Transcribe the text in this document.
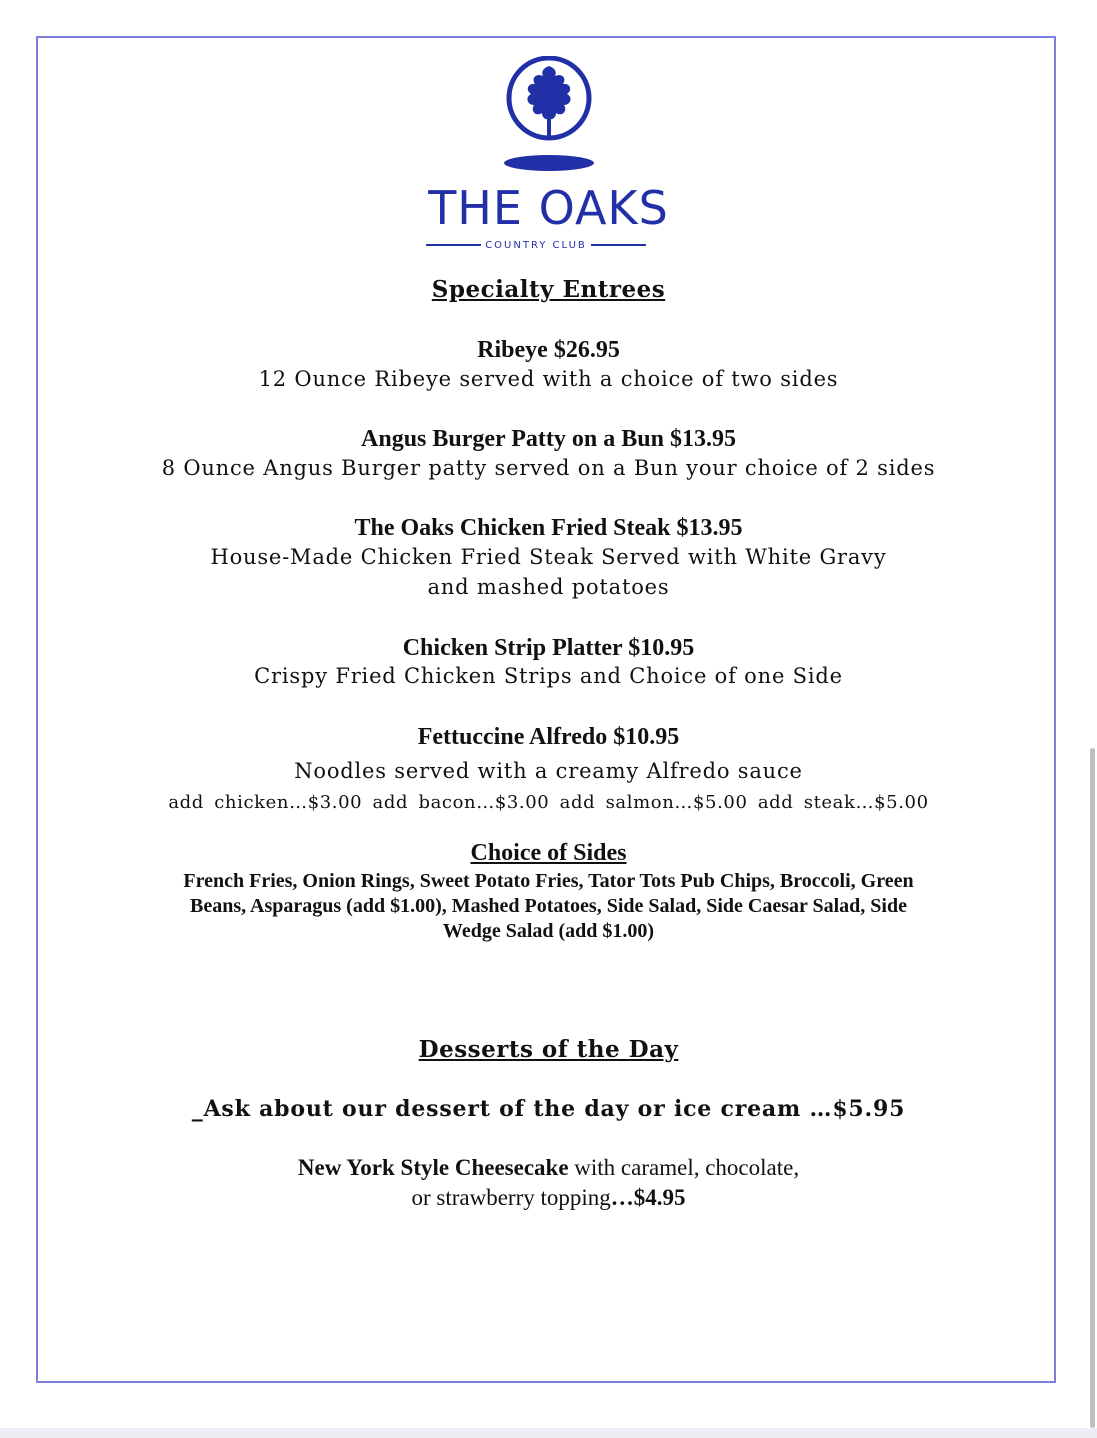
THE OAKS
COUNTRY CLUB
Specialty Entrees
Ribeye $26.95
12 Ounce Ribeye served with a choice of two sides
Angus Burger Patty on a Bun $13.95
8 Ounce Angus Burger patty served on a Bun your choice of 2 sides
The Oaks Chicken Fried Steak $13.95
House-Made Chicken Fried Steak Served with White Gravy
and mashed potatoes
Chicken Strip Platter $10.95
Crispy Fried Chicken Strips and Choice of one Side
Fettuccine Alfredo $10.95
Noodles served with a creamy Alfredo sauce
add chicken…$3.00 add bacon…$3.00 add salmon…$5.00 add steak…$5.00
Choice of Sides
French Fries, Onion Rings, Sweet Potato Fries, Tator Tots Pub Chips, Broccoli, Green
Beans, Asparagus (add $1.00), Mashed Potatoes, Side Salad, Side Caesar Salad, Side
Wedge Salad (add $1.00)
Desserts of the Day
_Ask about our dessert of the day or ice cream …$5.95
New York Style Cheesecake with caramel, chocolate,
or strawberry topping…$4.95
